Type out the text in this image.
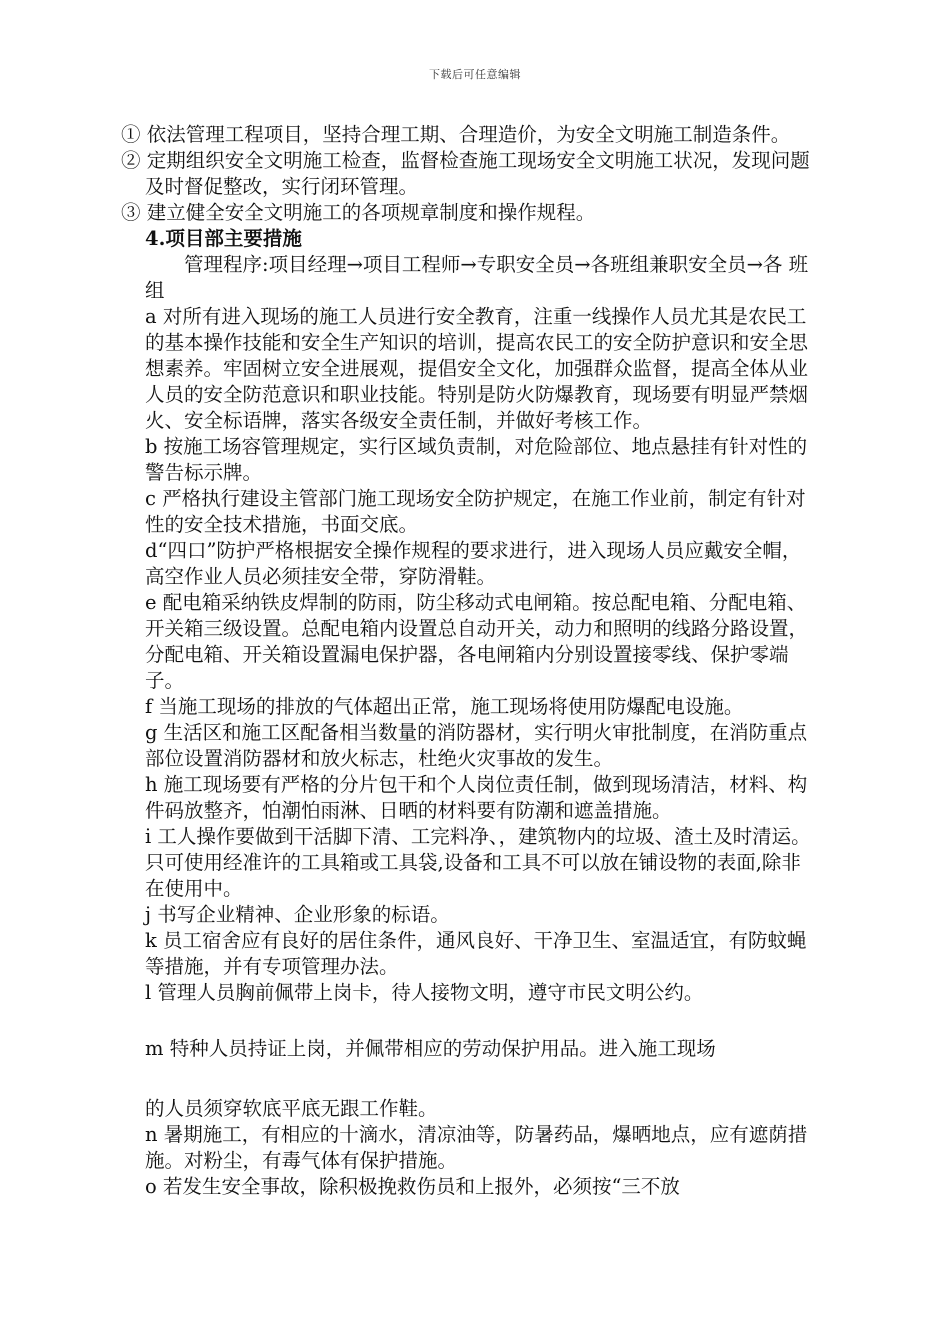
下载后可任意编辑

① 依法管理工程项目，坚持合理工期、合理造价，为安全文明施工制造条件。

② 定期组织安全文明施工检查，监督检查施工现场安全文明施工状况，发现问题及时督促整改，实行闭环管理。

③ 建立健全安全文明施工的各项规章制度和操作规程。

4.项目部主要措施

管理程序:项目经理→项目工程师→专职安全员→各班组兼职安全员→各 班组

a 对所有进入现场的施工人员进行安全教育，注重一线操作人员尤其是农民工的基本操作技能和安全生产知识的培训，提高农民工的安全防护意识和安全思想素养。牢固树立安全进展观，提倡安全文化，加强群众监督，提高全体从业人员的安全防范意识和职业技能。特别是防火防爆教育，现场要有明显严禁烟火、安全标语牌，落实各级安全责任制，并做好考核工作。

b 按施工场容管理规定，实行区域负责制，对危险部位、地点悬挂有针对性的警告标示牌。

c 严格执行建设主管部门施工现场安全防护规定，在施工作业前，制定有针对性的安全技术措施，书面交底。

d“四口”防护严格根据安全操作规程的要求进行，进入现场人员应戴安全帽，高空作业人员必须挂安全带，穿防滑鞋。

e 配电箱采纳铁皮焊制的防雨，防尘移动式电闸箱。按总配电箱、分配电箱、开关箱三级设置。总配电箱内设置总自动开关，动力和照明的线路分路设置，分配电箱、开关箱设置漏电保护器，各电闸箱内分别设置接零线、保护零端子。

f 当施工现场的排放的气体超出正常，施工现场将使用防爆配电设施。

g 生活区和施工区配备相当数量的消防器材，实行明火审批制度，在消防重点部位设置消防器材和放火标志，杜绝火灾事故的发生。

h 施工现场要有严格的分片包干和个人岗位责任制，做到现场清洁，材料、构件码放整齐，怕潮怕雨淋、日晒的材料要有防潮和遮盖措施。

i 工人操作要做到干活脚下清、工完料净、，建筑物内的垃圾、渣土及时清运。只可使用经准许的工具箱或工具袋,设备和工具不可以放在铺设物的表面,除非在使用中。

j 书写企业精神、企业形象的标语。

k 员工宿舍应有良好的居住条件，通风良好、干净卫生、室温适宜，有防蚊蝇等措施，并有专项管理办法。

l 管理人员胸前佩带上岗卡，待人接物文明，遵守市民文明公约。

m 特种人员持证上岗，并佩带相应的劳动保护用品。进入施工现场

的人员须穿软底平底无跟工作鞋。

n 暑期施工，有相应的十滴水，清凉油等，防暑药品，爆晒地点，应有遮荫措施。对粉尘，有毒气体有保护措施。

o 若发生安全事故，除积极挽救伤员和上报外，必须按“三不放
